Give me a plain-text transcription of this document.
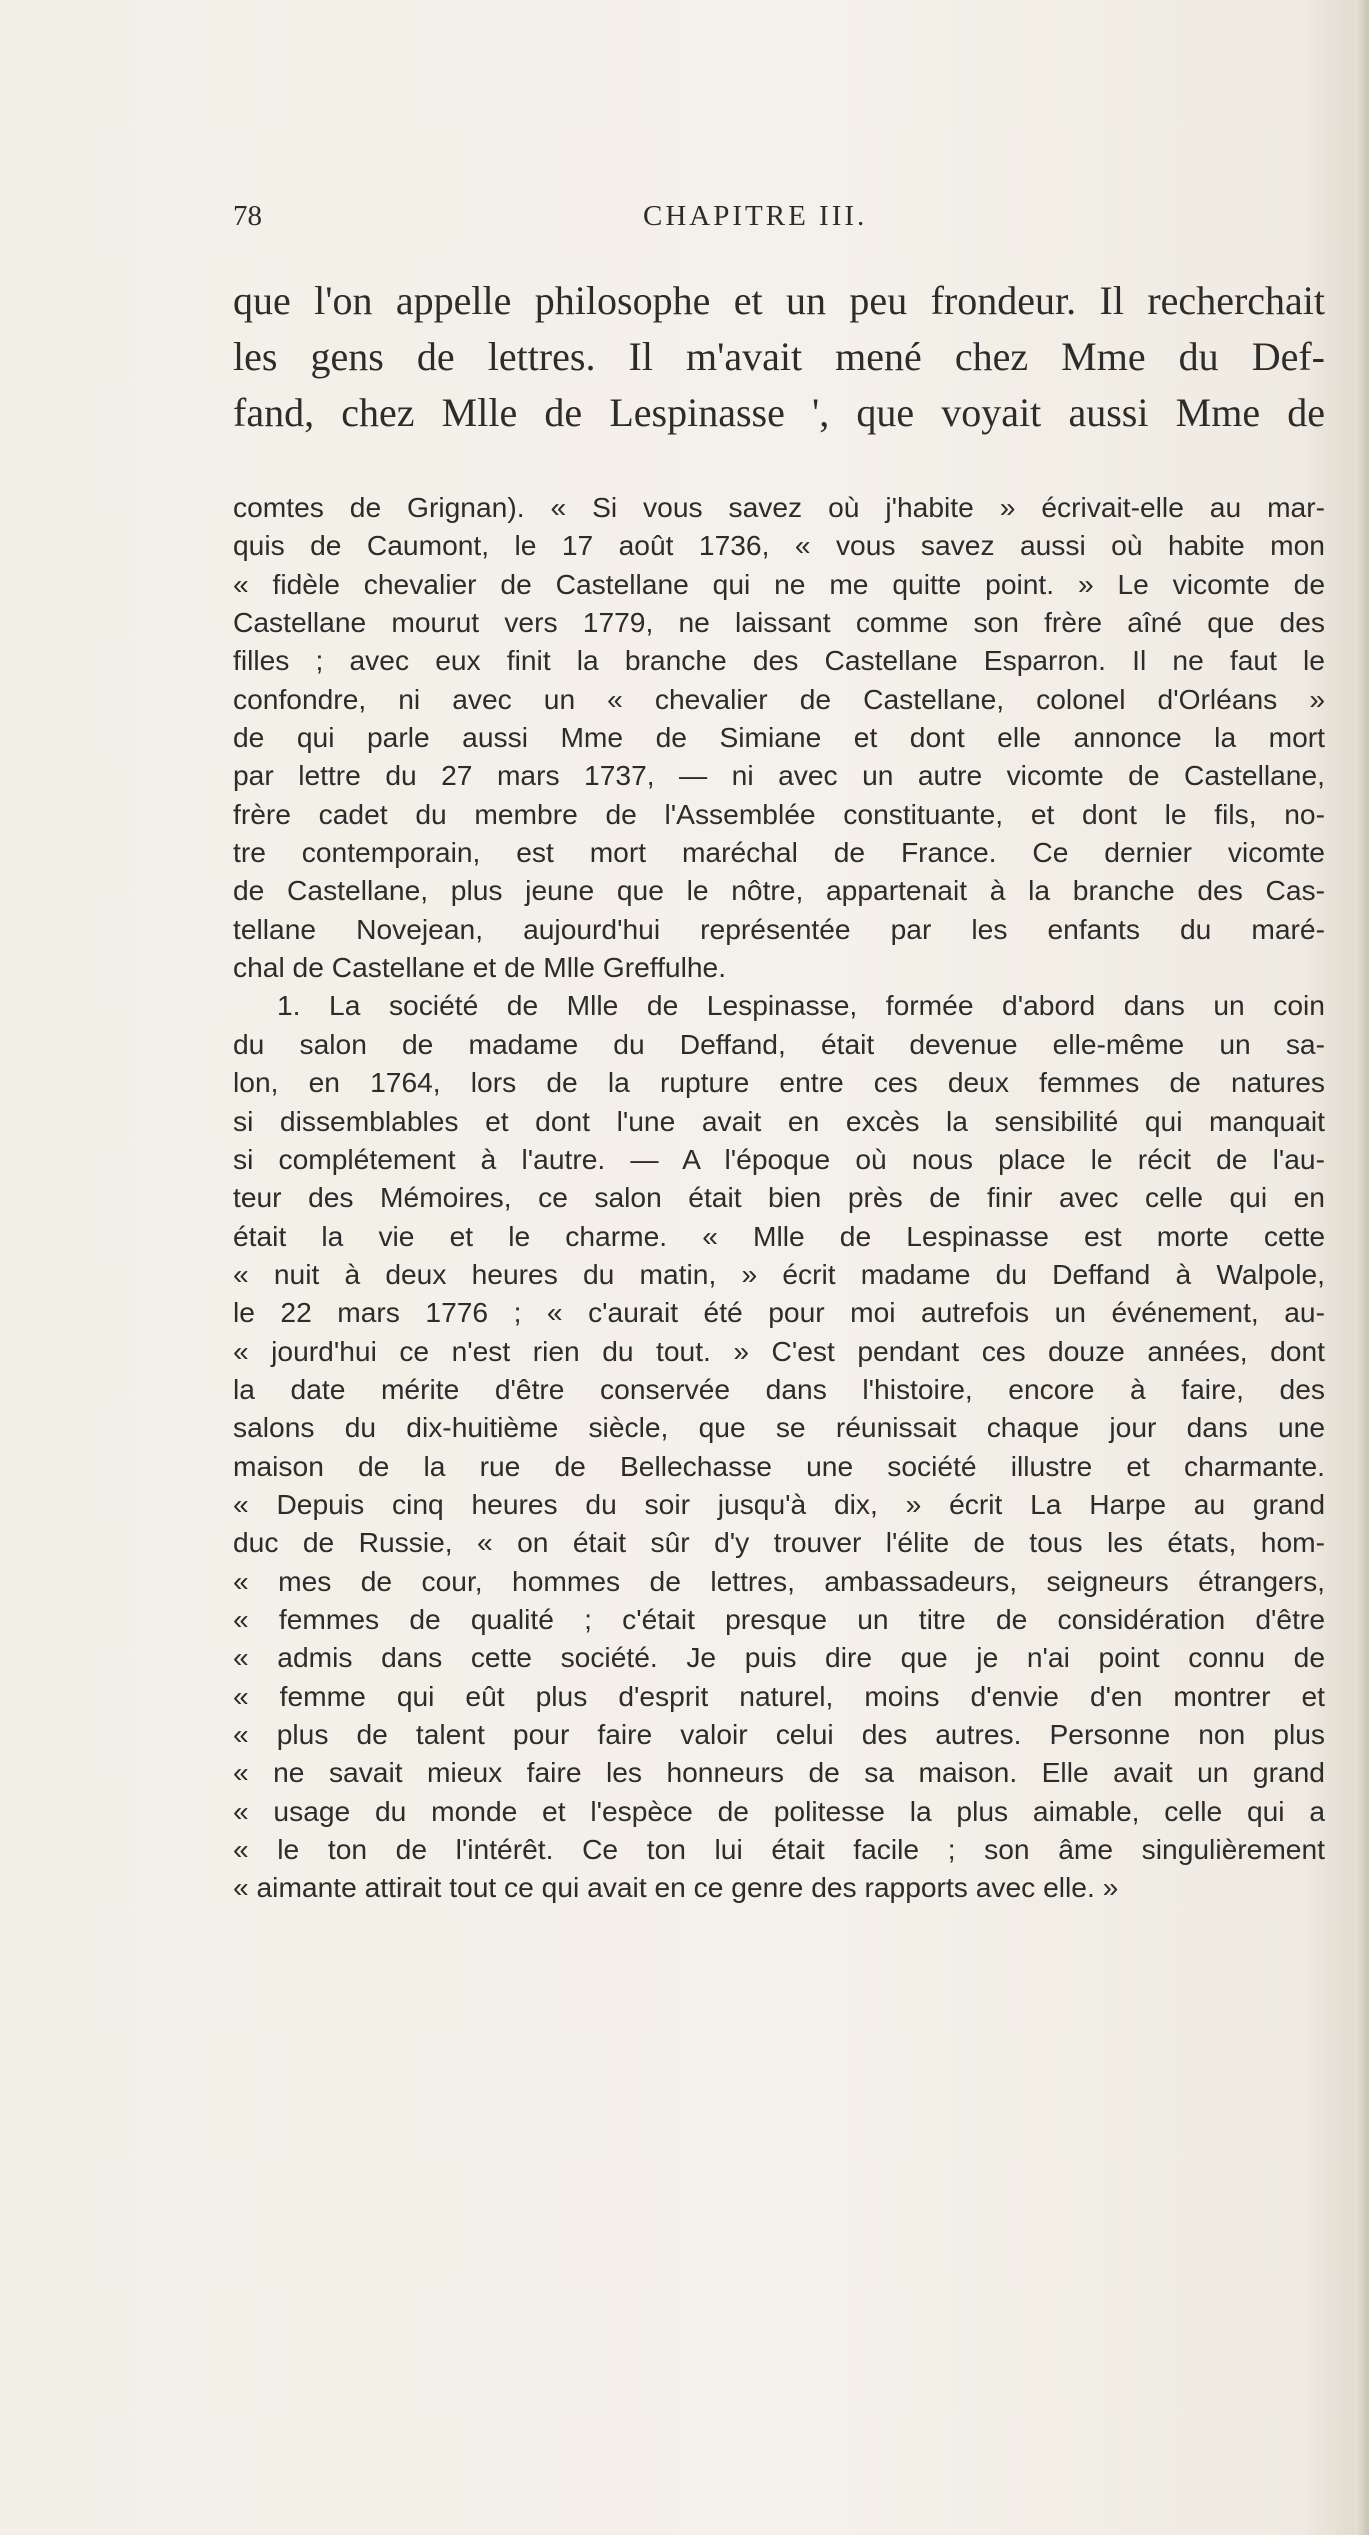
78	CHAPITRE III.
que l'on appelle philosophe et un peu frondeur. Il recherchait
les gens de lettres. Il m'avait mené chez Mme du Def-
fand, chez Mlle de Lespinasse ', que voyait aussi Mme de
comtes de Grignan). « Si vous savez où j'habite » écrivait-elle au mar-
quis de Caumont, le 17 août 1736, « vous savez aussi où habite mon
« fidèle chevalier de Castellane qui ne me quitte point. » Le vicomte de
Castellane mourut vers 1779, ne laissant comme son frère aîné que des
filles ; avec eux finit la branche des Castellane Esparron. Il ne faut le
confondre, ni avec un « chevalier de Castellane, colonel d'Orléans »
de qui parle aussi Mme de Simiane et dont elle annonce la mort
par lettre du 27 mars 1737, — ni avec un autre vicomte de Castellane,
frère cadet du membre de l'Assemblée constituante, et dont le fils, no-
tre contemporain, est mort maréchal de France. Ce dernier vicomte
de Castellane, plus jeune que le nôtre, appartenait à la branche des Cas-
tellane Novejean, aujourd'hui représentée par les enfants du maré-
chal de Castellane et de Mlle Greffulhe.
1. La société de Mlle de Lespinasse, formée d'abord dans un coin
du salon de madame du Deffand, était devenue elle-même un sa-
lon, en 1764, lors de la rupture entre ces deux femmes de natures
si dissemblables et dont l'une avait en excès la sensibilité qui manquait
si complétement à l'autre. — A l'époque où nous place le récit de l'au-
teur des Mémoires, ce salon était bien près de finir avec celle qui en
était la vie et le charme. « Mlle de Lespinasse est morte cette
« nuit à deux heures du matin, » écrit madame du Deffand à Walpole,
le 22 mars 1776 ; « c'aurait été pour moi autrefois un événement, au-
« jourd'hui ce n'est rien du tout. » C'est pendant ces douze années, dont
la date mérite d'être conservée dans l'histoire, encore à faire, des
salons du dix-huitième siècle, que se réunissait chaque jour dans une
maison de la rue de Bellechasse une société illustre et charmante.
« Depuis cinq heures du soir jusqu'à dix, » écrit La Harpe au grand
duc de Russie, « on était sûr d'y trouver l'élite de tous les états, hom-
« mes de cour, hommes de lettres, ambassadeurs, seigneurs étrangers,
« femmes de qualité ; c'était presque un titre de considération d'être
« admis dans cette société. Je puis dire que je n'ai point connu de
« femme qui eût plus d'esprit naturel, moins d'envie d'en montrer et
« plus de talent pour faire valoir celui des autres. Personne non plus
« ne savait mieux faire les honneurs de sa maison. Elle avait un grand
« usage du monde et l'espèce de politesse la plus aimable, celle qui a
« le ton de l'intérêt. Ce ton lui était facile ; son âme singulièrement
« aimante attirait tout ce qui avait en ce genre des rapports avec elle. »
